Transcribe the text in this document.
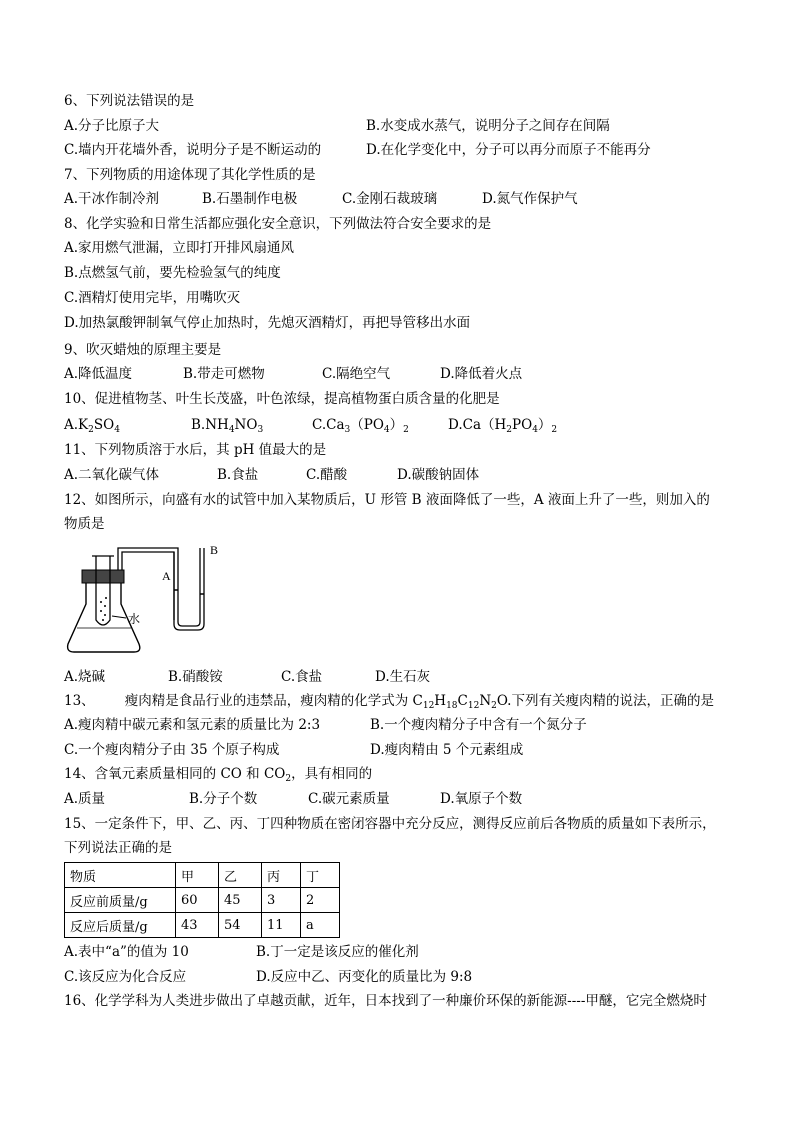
6、下列说法错误的是
A.分子比原子大	B.水变成水蒸气，说明分子之间存在间隔
C.墙内开花墙外香，说明分子是不断运动的	D.在化学变化中，分子可以再分而原子不能再分
7、下列物质的用途体现了其化学性质的是
A.干冰作制冷剂	B.石墨制作电极	C.金刚石裁玻璃	D.氮气作保护气
8、化学实验和日常生活都应强化安全意识，下列做法符合安全要求的是
A.家用燃气泄漏，立即打开排风扇通风
B.点燃氢气前，要先检验氢气的纯度
C.酒精灯使用完毕，用嘴吹灭
D.加热氯酸钾制氧气停止加热时，先熄灭酒精灯，再把导管移出水面
9、吹灭蜡烛的原理主要是
A.降低温度	B.带走可燃物	C.隔绝空气	D.降低着火点
10、促进植物茎、叶生长茂盛，叶色浓绿，提高植物蛋白质含量的化肥是
$A.K_2SO_4$	$B.NH_4NO_3$	$C.Ca_3(PO_4)_2$	$D.Ca(H_2PO_4)_2$
11、下列物质溶于水后，其 pH 值最大的是
A.二氧化碳气体	B.食盐	C.醋酸	D.碳酸钠固体
12、如图所示，向盛有水的试管中加入某物质后，U 形管 B 液面降低了一些，A 液面上升了一些，则加入的
物质是
A
B
水
A.烧碱	B.硝酸铵	C.食盐	D.生石灰
13、       瘦肉精是食品行业的违禁品，瘦肉精的化学式为 $C_{12}H_{18}C_{12}N_2O$.下列有关瘦肉精的说法，正确的是
A.瘦肉精中碳元素和氢元素的质量比为 2:3	B.一个瘦肉精分子中含有一个氮分子
C.一个瘦肉精分子由 35 个原子构成	D.瘦肉精由 5 个元素组成
14、含氧元素质量相同的 CO 和 $CO_2$，具有相同的
A.质量	B.分子个数	C.碳元素质量	D.氧原子个数
15、一定条件下，甲、乙、丙、丁四种物质在密闭容器中充分反应，测得反应前后各物质的质量如下表所示，
下列说法正确的是
物质	甲	乙	丙	丁
反应前质量/g	60	45	3	2
反应后质量/g	43	54	11	a
A.表中“a”的值为 10	B.丁一定是该反应的催化剂
C.该反应为化合反应	D.反应中乙、丙变化的质量比为 9:8
16、化学学科为人类进步做出了卓越贡献，近年，日本找到了一种廉价环保的新能源----甲醚，它完全燃烧时
